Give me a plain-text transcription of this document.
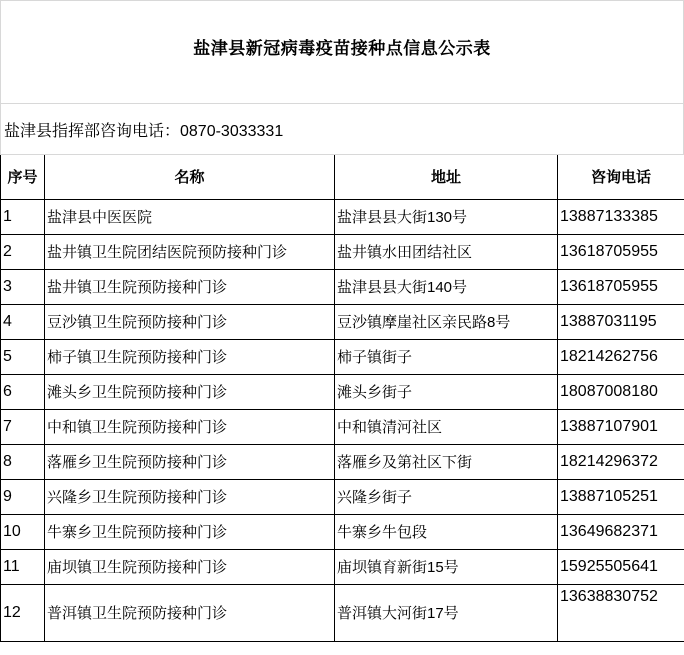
盐津县新冠病毒疫苗接种点信息公示表
盐津县指挥部咨询电话：0870-3033331
序号	名称	地址	咨询电话
1	盐津县中医医院	盐津县县大街130号	13887133385
2	盐井镇卫生院团结医院预防接种门诊	盐井镇水田团结社区	13618705955
3	盐井镇卫生院预防接种门诊	盐津县县大街140号	13618705955
4	豆沙镇卫生院预防接种门诊	豆沙镇摩崖社区亲民路8号	13887031195
5	柿子镇卫生院预防接种门诊	柿子镇街子	18214262756
6	滩头乡卫生院预防接种门诊	滩头乡街子	18087008180
7	中和镇卫生院预防接种门诊	中和镇清河社区	13887107901
8	落雁乡卫生院预防接种门诊	落雁乡及第社区下街	18214296372
9	兴隆乡卫生院预防接种门诊	兴隆乡街子	13887105251
10	牛寨乡卫生院预防接种门诊	牛寨乡牛包段	13649682371
11	庙坝镇卫生院预防接种门诊	庙坝镇育新街15号	15925505641
12	普洱镇卫生院预防接种门诊	普洱镇大河街17号	13638830752
